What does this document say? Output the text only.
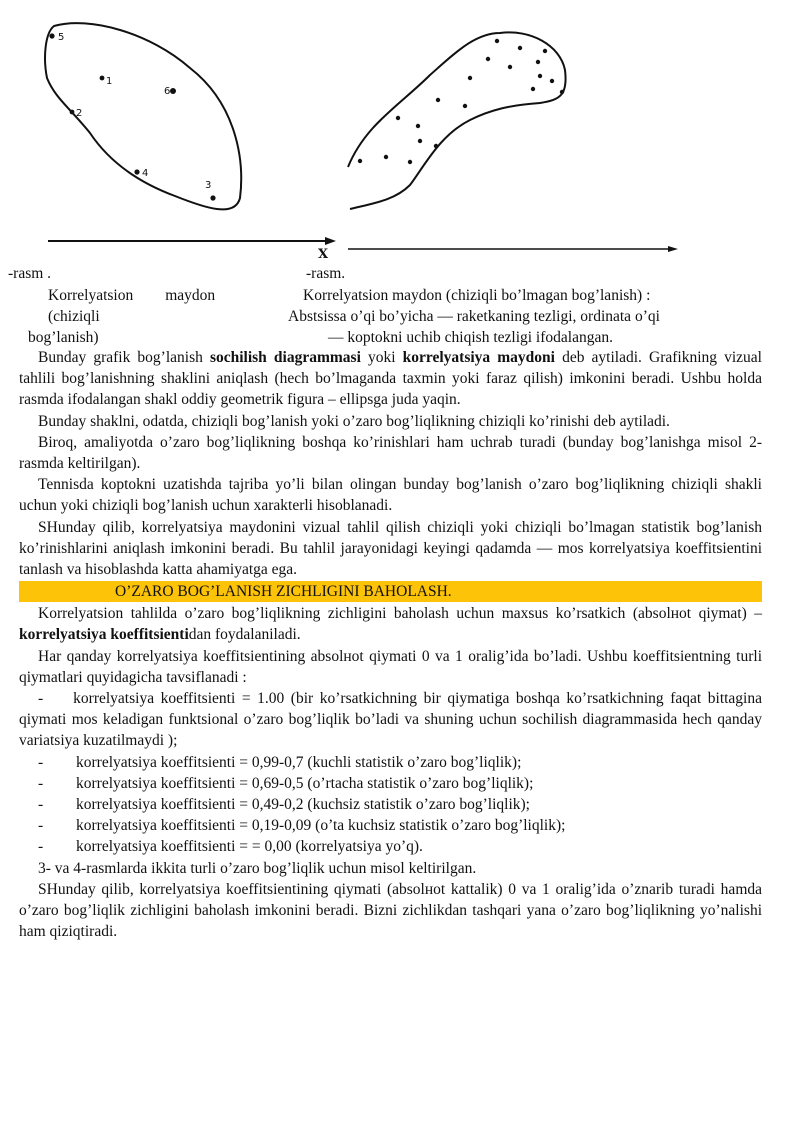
5
1
6
2
4
3
X
-rasm .	-rasm.
Korrelyatsion maydon(chiziqli
bog’lanish)
Korrelyatsion maydon (chiziqli bo’lmagan bog’lanish) :
Abstsissa o’qi bo’yicha — raketkaning tezligi, ordinata o’qi
— koptokni uchib chiqish tezligi ifodalangan.

Bunday grafik bog’lanish sochilish diagrammasi yoki korrelyatsiya maydoni deb aytiladi. Grafikning vizual tahlili bog’lanishning shaklini aniqlash (hech bo’lmaganda taxmin yoki faraz qilish) imkonini beradi. Ushbu holda rasmda ifodalangan shakl oddiy geometrik figura – ellipsga juda yaqin.

Bunday shaklni, odatda, chiziqli bog’lanish yoki o’zaro bog’liqlikning chiziqli ko’rinishi deb aytiladi.

Biroq, amaliyotda o’zaro bog’liqlikning boshqa ko’rinishlari ham uchrab turadi (bunday bog’lanishga misol 2-rasmda keltirilgan).

Tennisda koptokni uzatishda tajriba yo’li bilan olingan bunday bog’lanish o’zaro bog’liqlikning chiziqli shakli uchun yoki chiziqli bog’lanish uchun xarakterli hisoblanadi.

SHunday qilib, korrelyatsiya maydonini vizual tahlil qilish chiziqli yoki chiziqli bo’lmagan statistik bog’lanish ko’rinishlarini aniqlash imkonini beradi. Bu tahlil jarayonidagi keyingi qadamda — mos korrelyatsiya koeffitsientini tanlash va hisoblashda katta ahamiyatga ega.

O’ZARO BOG’LANISH ZICHLIGINI BAHOLASH.

Korrelyatsion tahlilda o’zaro bog’liqlikning zichligini baholash uchun maxsus ko’rsatkich (absolнot qiymat) – korrelyatsiya koeffitsientidan foydalaniladi.

Har qanday korrelyatsiya koeffitsientining absolнot qiymati 0 va 1 oralig’ida bo’ladi. Ushbu koeffitsientning turli qiymatlari quyidagicha tavsiflanadi :

- korrelyatsiya koeffitsienti = 1.00 (bir ko’rsatkichning bir qiymatiga boshqa ko’rsatkichning faqat bittagina qiymati mos keladigan funktsional o’zaro bog’liqlik bo’ladi va shuning uchun sochilish diagrammasida hech qanday variatsiya kuzatilmaydi );

-	korrelyatsiya koeffitsienti = 0,99-0,7 (kuchli statistik o’zaro bog’liqlik);

-	korrelyatsiya koeffitsienti = 0,69-0,5 (o’rtacha statistik o’zaro bog’liqlik);

-	korrelyatsiya koeffitsienti = 0,49-0,2 (kuchsiz statistik o’zaro bog’liqlik);

-	korrelyatsiya koeffitsienti = 0,19-0,09 (o’ta kuchsiz statistik o’zaro bog’liqlik);

-	korrelyatsiya koeffitsienti = = 0,00 (korrelyatsiya yo’q).

3- va 4-rasmlarda ikkita turli o’zaro bog’liqlik uchun misol keltirilgan.

SHunday qilib, korrelyatsiya koeffitsientining qiymati (absolнot kattalik) 0 va 1 oralig’ida o’znarib turadi hamda o’zaro bog’liqlik zichligini baholash imkonini beradi. Bizni zichlikdan tashqari yana o’zaro bog’liqlikning yo’nalishi ham qiziqtiradi.
